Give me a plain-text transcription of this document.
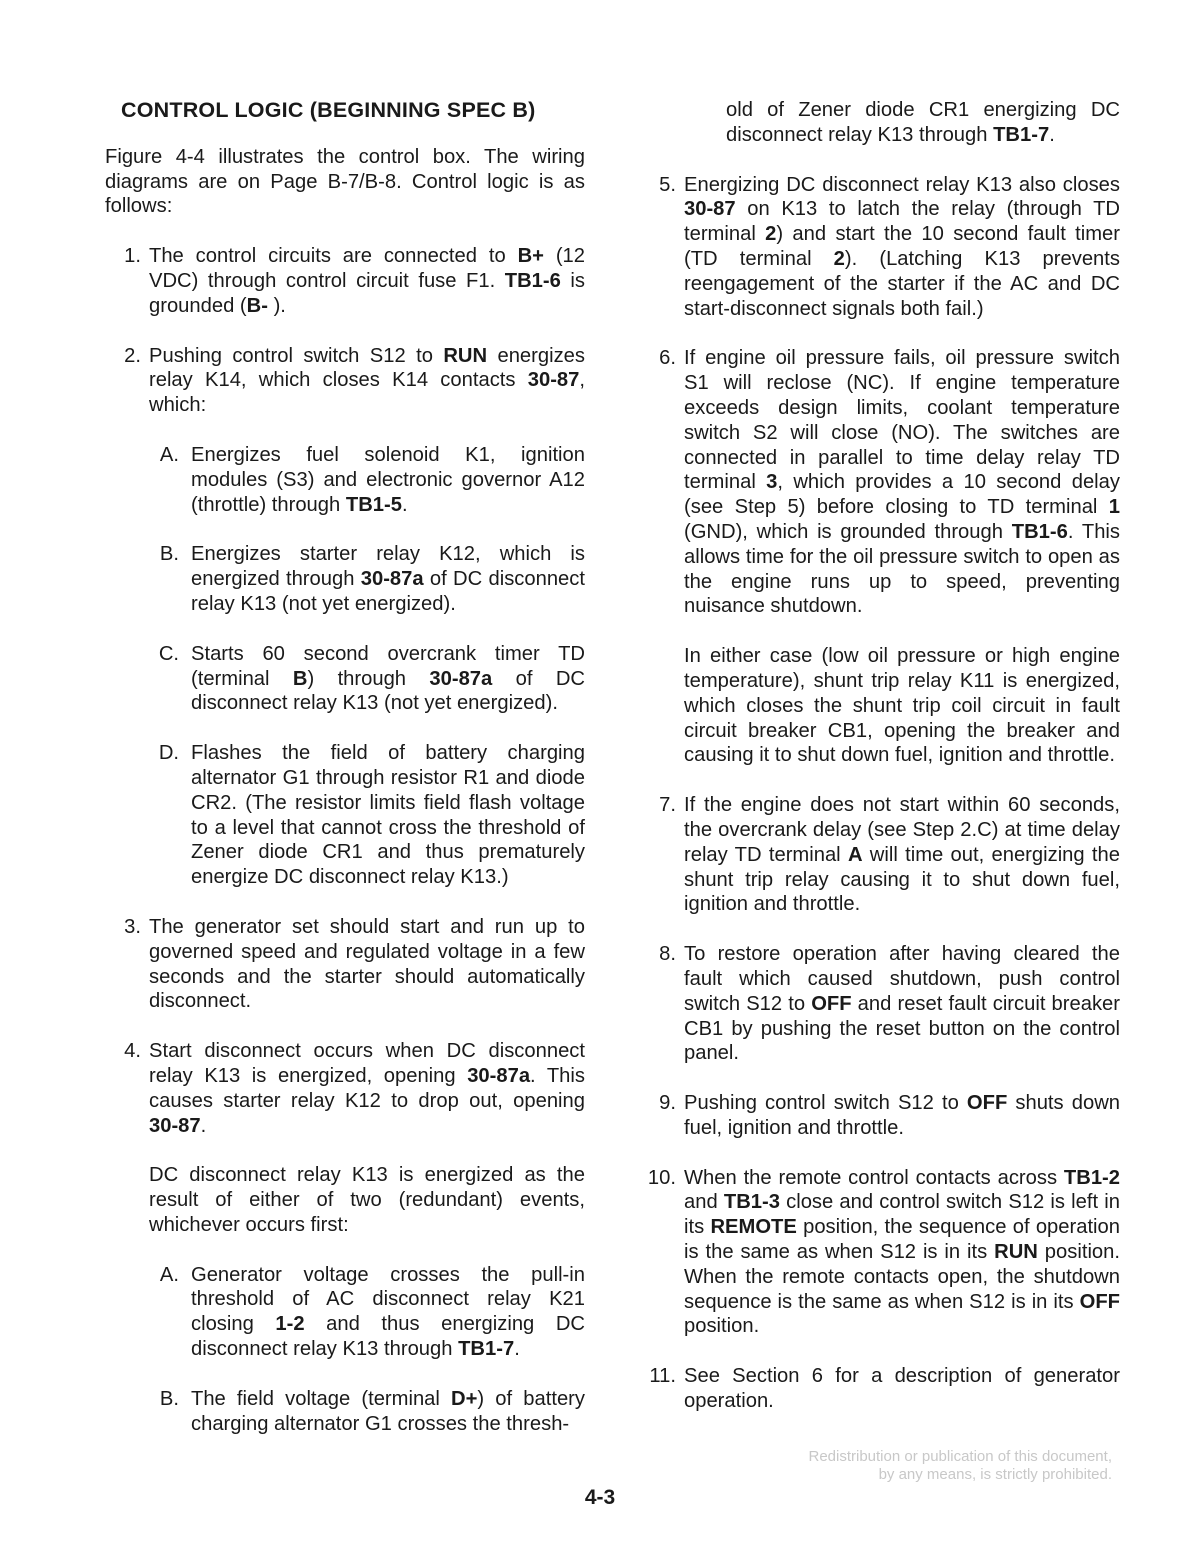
CONTROL LOGIC (BEGINNING SPEC B)

Figure 4-4 illustrates the control box. The wiring diagrams are on Page B-7/B-8. Control logic is as follows:

1. The control circuits are connected to B+ (12 VDC) through control circuit fuse F1. TB1-6 is grounded (B- ).
2. Pushing control switch S12 to RUN energizes relay K14, which closes K14 contacts 30-87, which:
A. Energizes fuel solenoid K1, ignition modules (S3) and electronic governor A12 (throttle) through TB1-5.
B. Energizes starter relay K12, which is energized through 30-87a of DC disconnect relay K13 (not yet energized).
C. Starts 60 second overcrank timer TD (terminal B) through 30-87a of DC disconnect relay K13 (not yet energized).
D. Flashes the field of battery charging alternator G1 through resistor R1 and diode CR2. (The resistor limits field flash voltage to a level that cannot cross the threshold of Zener diode CR1 and thus prematurely energize DC disconnect relay K13.)
3. The generator set should start and run up to governed speed and regulated voltage in a few seconds and the starter should automatically disconnect.
4. Start disconnect occurs when DC disconnect relay K13 is energized, opening 30-87a. This causes starter relay K12 to drop out, opening 30-87.

DC disconnect relay K13 is energized as the result of either of two (redundant) events, whichever occurs first:

A. Generator voltage crosses the pull-in threshold of AC disconnect relay K21 closing 1-2 and thus energizing DC disconnect relay K13 through TB1-7.
B. The field voltage (terminal D+) of battery charging alternator G1 crosses the thresh-
old of Zener diode CR1 energizing DC disconnect relay K13 through TB1-7.
5. Energizing DC disconnect relay K13 also closes 30-87 on K13 to latch the relay (through TD terminal 2) and start the 10 second fault timer (TD terminal 2). (Latching K13 prevents reengagement of the starter if the AC and DC start-disconnect signals both fail.)
6. If engine oil pressure fails, oil pressure switch S1 will reclose (NC). If engine temperature exceeds design limits, coolant temperature switch S2 will close (NO). The switches are connected in parallel to time delay relay TD terminal 3, which provides a 10 second delay (see Step 5) before closing to TD terminal 1 (GND), which is grounded through TB1-6. This allows time for the oil pressure switch to open as the engine runs up to speed, preventing nuisance shutdown.

In either case (low oil pressure or high engine temperature), shunt trip relay K11 is energized, which closes the shunt trip coil circuit in fault circuit breaker CB1, opening the breaker and causing it to shut down fuel, ignition and throttle.

7. If the engine does not start within 60 seconds, the overcrank delay (see Step 2.C) at time delay relay TD terminal A will time out, energizing the shunt trip relay causing it to shut down fuel, ignition and throttle.
8. To restore operation after having cleared the fault which caused shutdown, push control switch S12 to OFF and reset fault circuit breaker CB1 by pushing the reset button on the control panel.
9. Pushing control switch S12 to OFF shuts down fuel, ignition and throttle.
10. When the remote control contacts across TB1-2 and TB1-3 close and control switch S12 is left in its REMOTE position, the sequence of operation is the same as when S12 is in its RUN position. When the remote contacts open, the shutdown sequence is the same as when S12 is in its OFF position.
11. See Section 6 for a description of generator operation.
Redistribution or publication of this document,
by any means, is strictly prohibited.
4-3
